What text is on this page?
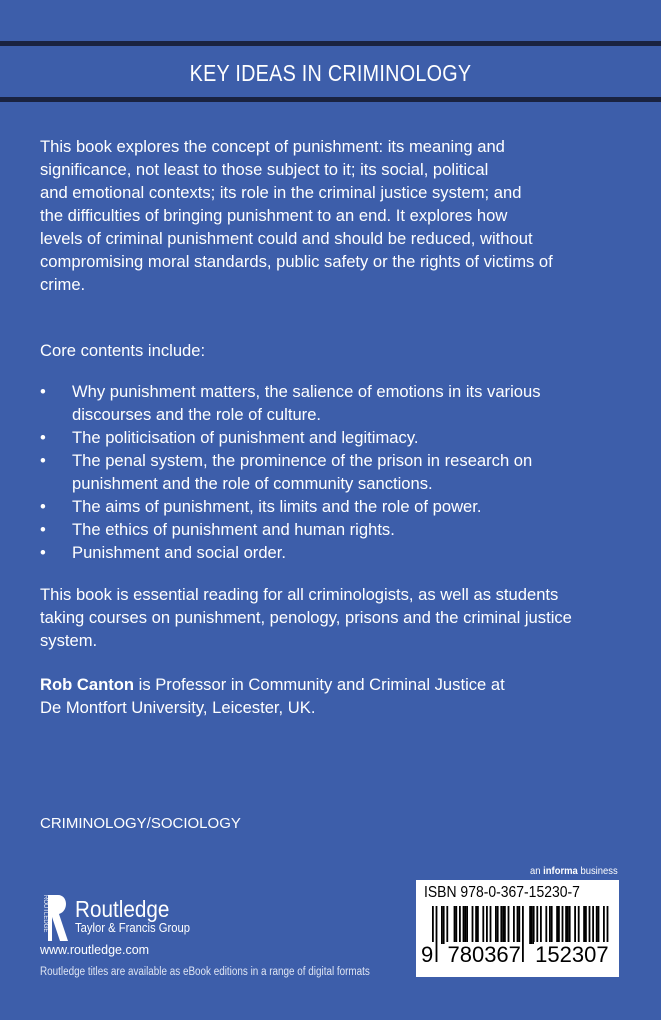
KEY IDEAS IN CRIMINOLOGY
This book explores the concept of punishment: its meaning and
significance, not least to those subject to it; its social, political
and emotional contexts; its role in the criminal justice system; and
the difficulties of bringing punishment to an end. It explores how
levels of criminal punishment could and should be reduced, without
compromising moral standards, public safety or the rights of victims of
crime.
Core contents include:
• Why punishment matters, the salience of emotions in its various
discourses and the role of culture.
• The politicisation of punishment and legitimacy.
• The penal system, the prominence of the prison in research on
punishment and the role of community sanctions.
• The aims of punishment, its limits and the role of power.
• The ethics of punishment and human rights.
• Punishment and social order.
This book is essential reading for all criminologists, as well as students
taking courses on punishment, penology, prisons and the criminal justice
system.
Rob Canton is Professor in Community and Criminal Justice at
De Montfort University, Leicester, UK.
CRIMINOLOGY/SOCIOLOGY
ROUTLEDGE Routledge
Taylor & Francis Group
www.routledge.com
Routledge titles are available as eBook editions in a range of digital formats
an informa business
ISBN 978-0-367-15230-7
9 780367 152307
